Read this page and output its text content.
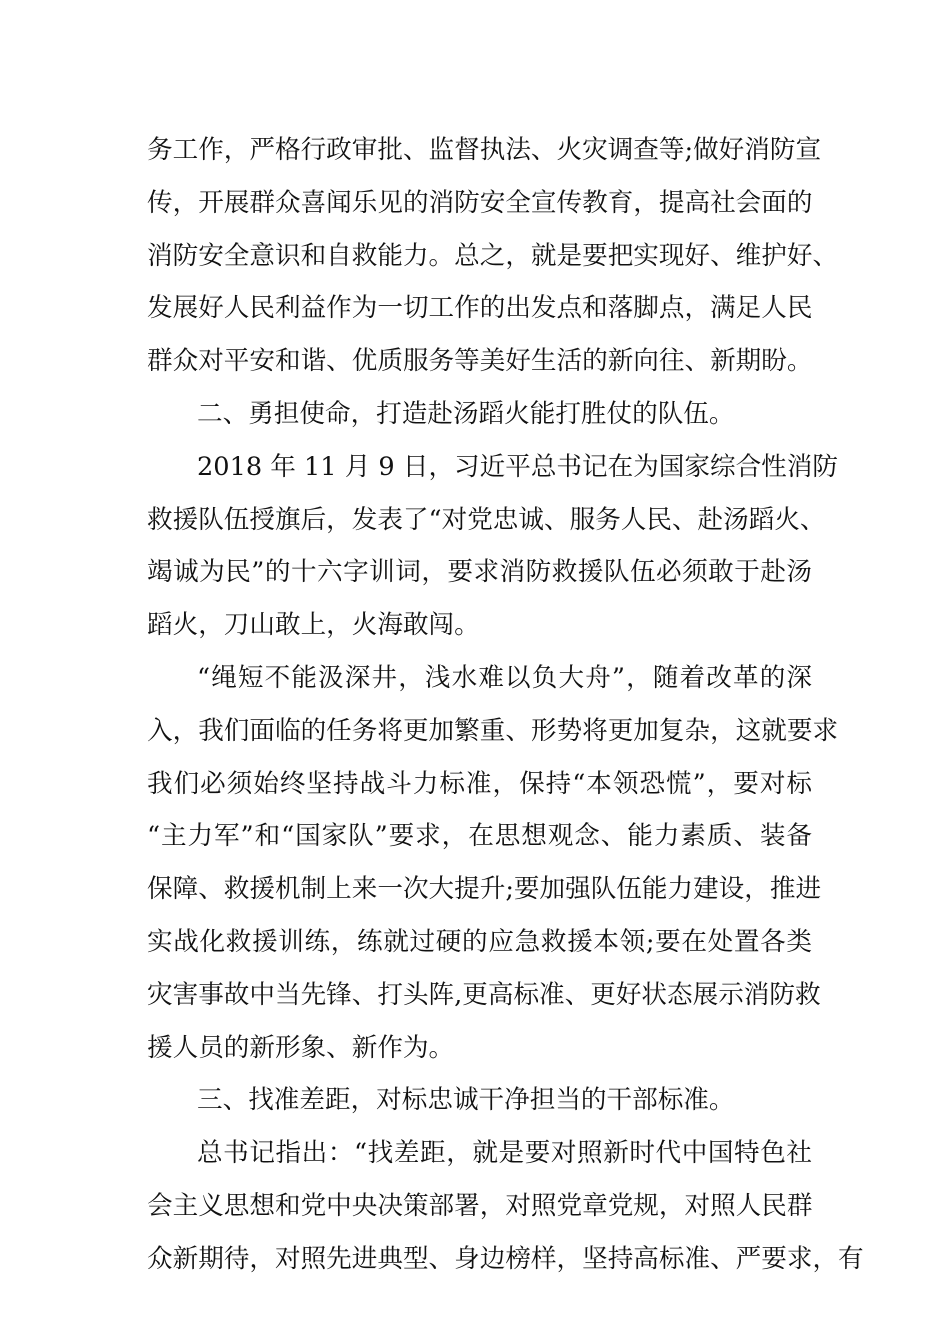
务工作，严格行政审批、监督执法、火灾调查等;做好消防宣
传，开展群众喜闻乐见的消防安全宣传教育，提高社会面的
消防安全意识和自救能力。总之，就是要把实现好、维护好、
发展好人民利益作为一切工作的出发点和落脚点，满足人民
群众对平安和谐、优质服务等美好生活的新向往、新期盼。
二、勇担使命，打造赴汤蹈火能打胜仗的队伍。
2018 年 11 月 9 日，习近平总书记在为国家综合性消防
救援队伍授旗后，发表了“对党忠诚、服务人民、赴汤蹈火、
竭诚为民”的十六字训词，要求消防救援队伍必须敢于赴汤
蹈火，刀山敢上，火海敢闯。
“绳短不能汲深井，浅水难以负大舟”，随着改革的深
入，我们面临的任务将更加繁重、形势将更加复杂，这就要求
我们必须始终坚持战斗力标准，保持“本领恐慌”，要对标
“主力军”和“国家队”要求，在思想观念、能力素质、装备
保障、救援机制上来一次大提升;要加强队伍能力建设，推进
实战化救援训练，练就过硬的应急救援本领;要在处置各类
灾害事故中当先锋、打头阵,更高标准、更好状态展示消防救
援人员的新形象、新作为。
三、找准差距，对标忠诚干净担当的干部标准。
总书记指出：“找差距，就是要对照新时代中国特色社
会主义思想和党中央决策部署，对照党章党规，对照人民群
众新期待，对照先进典型、身边榜样，坚持高标准、严要求，有
